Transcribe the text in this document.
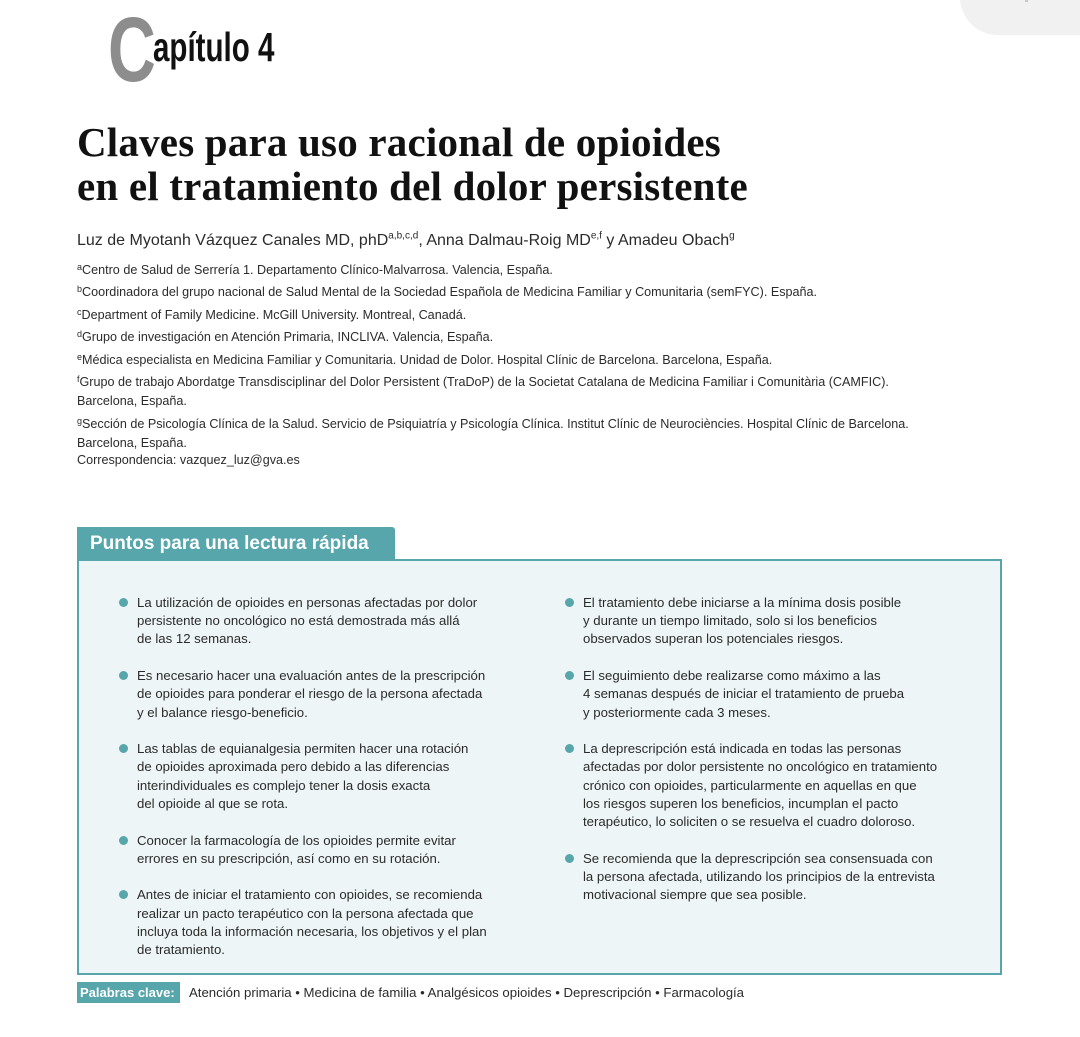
C
apítulo 4
Claves para uso racional de opioides
en el tratamiento del dolor persistente
Luz de Myotanh Vázquez Canales MD, phD$^{a,b,c,d}$, Anna Dalmau-Roig MD$^{e,f}$ y Amadeu Obach$^g$
$^a$Centro de Salud de Serrería 1. Departamento Clínico-Malvarrosa. Valencia, España.
$^b$Coordinadora del grupo nacional de Salud Mental de la Sociedad Española de Medicina Familiar y Comunitaria (semFYC). España.
$^c$Department of Family Medicine. McGill University. Montreal, Canadá.
$^d$Grupo de investigación en Atención Primaria, INCLIVA. Valencia, España.
$^e$Médica especialista en Medicina Familiar y Comunitaria. Unidad de Dolor. Hospital Clínic de Barcelona. Barcelona, España.
$^f$Grupo de trabajo Abordatge Transdisciplinar del Dolor Persistent (TraDoP) de la Societat Catalana de Medicina Familiar i Comunitària (CAMFIC).
Barcelona, España.
$^g$Sección de Psicología Clínica de la Salud. Servicio de Psiquiatría y Psicología Clínica. Institut Clínic de Neurociències. Hospital Clínic de Barcelona.
Barcelona, España.
Correspondencia: vazquez_luz@gva.es
Puntos para una lectura rápida
La utilización de opioides en personas afectadas por dolor
persistente no oncológico no está demostrada más allá
de las 12 semanas.
Es necesario hacer una evaluación antes de la prescripción
de opioides para ponderar el riesgo de la persona afectada
y el balance riesgo-beneficio.
Las tablas de equianalgesia permiten hacer una rotación
de opioides aproximada pero debido a las diferencias
interindividuales es complejo tener la dosis exacta
del opioide al que se rota.
Conocer la farmacología de los opioides permite evitar
errores en su prescripción, así como en su rotación.
Antes de iniciar el tratamiento con opioides, se recomienda
realizar un pacto terapéutico con la persona afectada que
incluya toda la información necesaria, los objetivos y el plan
de tratamiento.
El tratamiento debe iniciarse a la mínima dosis posible
y durante un tiempo limitado, solo si los beneficios
observados superan los potenciales riesgos.
El seguimiento debe realizarse como máximo a las
4 semanas después de iniciar el tratamiento de prueba
y posteriormente cada 3 meses.
La deprescripción está indicada en todas las personas
afectadas por dolor persistente no oncológico en tratamiento
crónico con opioides, particularmente en aquellas en que
los riesgos superen los beneficios, incumplan el pacto
terapéutico, lo soliciten o se resuelva el cuadro doloroso.
Se recomienda que la deprescripción sea consensuada con
la persona afectada, utilizando los principios de la entrevista
motivacional siempre que sea posible.
Palabras clave:	Atención primaria • Medicina de familia • Analgésicos opioides • Deprescripción • Farmacología
